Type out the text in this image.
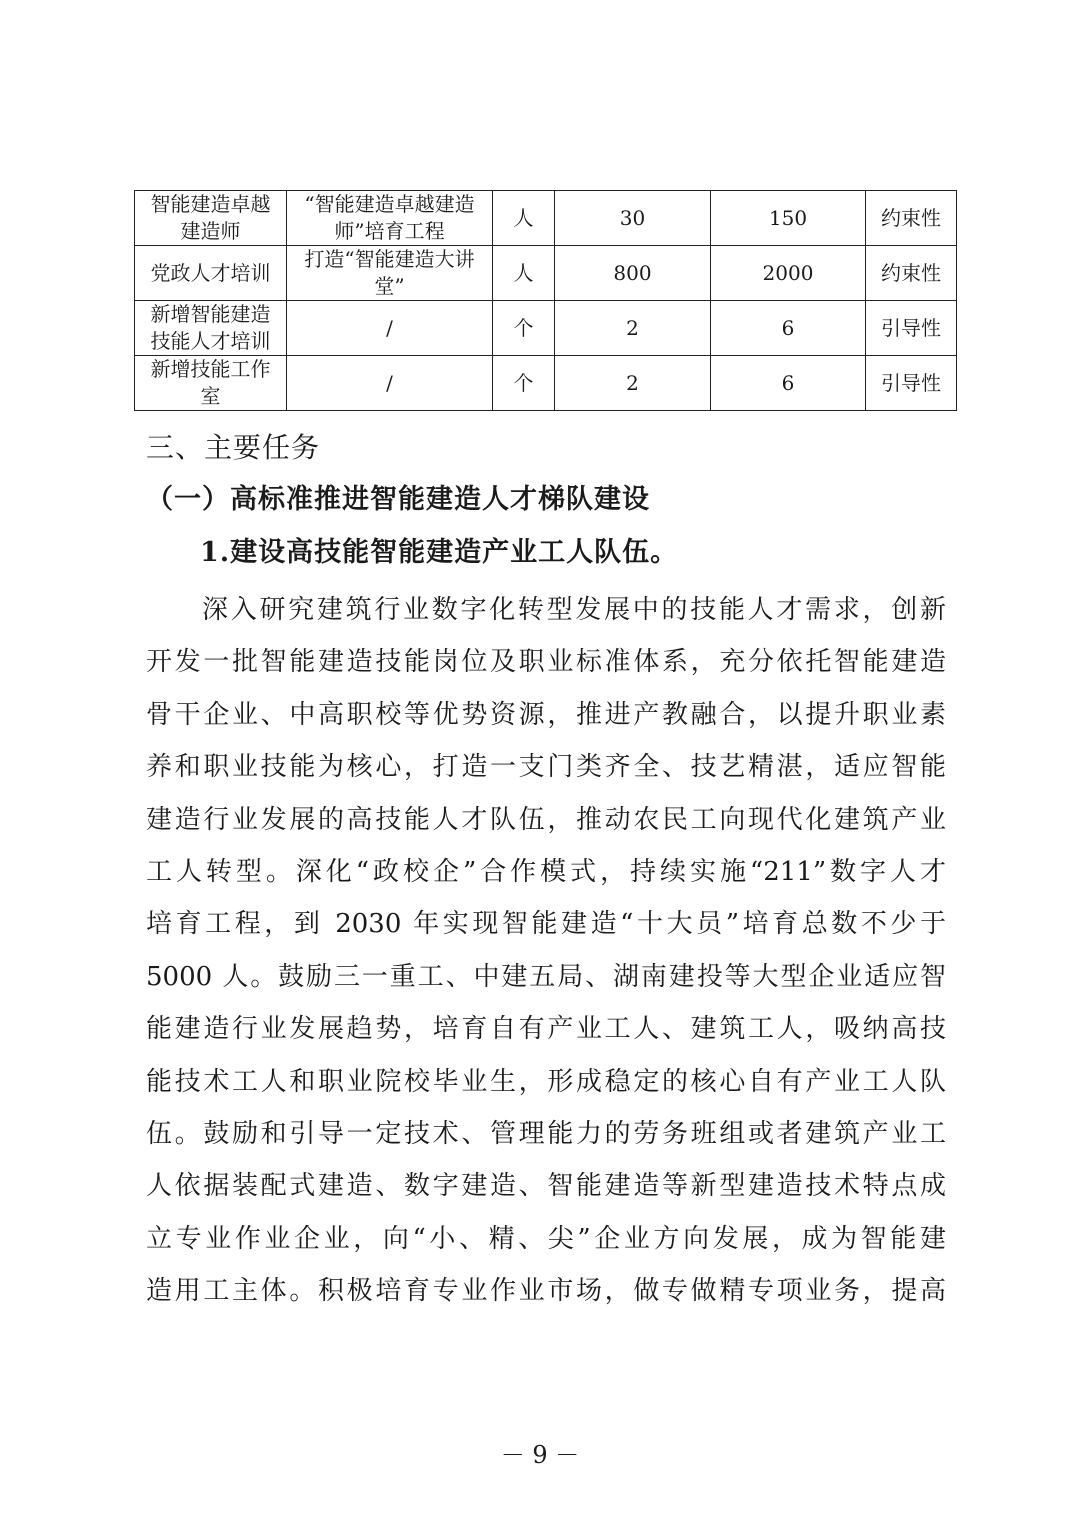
智能建造卓越建造师	“智能建造卓越建造师”培育工程	人	30	150	约束性
党政人才培训	打造“智能建造大讲堂”	人	800	2000	约束性
新增智能建造技能人才培训	/	个	2	6	引导性
新增技能工作室	/	个	2	6	引导性
三、主要任务
（一）高标准推进智能建造人才梯队建设
1.建设高技能智能建造产业工人队伍。
深入研究建筑行业数字化转型发展中的技能人才需求，创新
开发一批智能建造技能岗位及职业标准体系，充分依托智能建造
骨干企业、中高职校等优势资源，推进产教融合，以提升职业素
养和职业技能为核心，打造一支门类齐全、技艺精湛，适应智能
建造行业发展的高技能人才队伍，推动农民工向现代化建筑产业
工人转型。深化“政校企”合作模式，持续实施“211”数字人才
培育工程，到 2030 年实现智能建造“十大员”培育总数不少于
5000 人。鼓励三一重工、中建五局、湖南建投等大型企业适应智
能建造行业发展趋势，培育自有产业工人、建筑工人，吸纳高技
能技术工人和职业院校毕业生，形成稳定的核心自有产业工人队
伍。鼓励和引导一定技术、管理能力的劳务班组或者建筑产业工
人依据装配式建造、数字建造、智能建造等新型建造技术特点成
立专业作业企业，向“小、精、尖”企业方向发展，成为智能建
造用工主体。积极培育专业作业市场，做专做精专项业务，提高
－ 9 －
